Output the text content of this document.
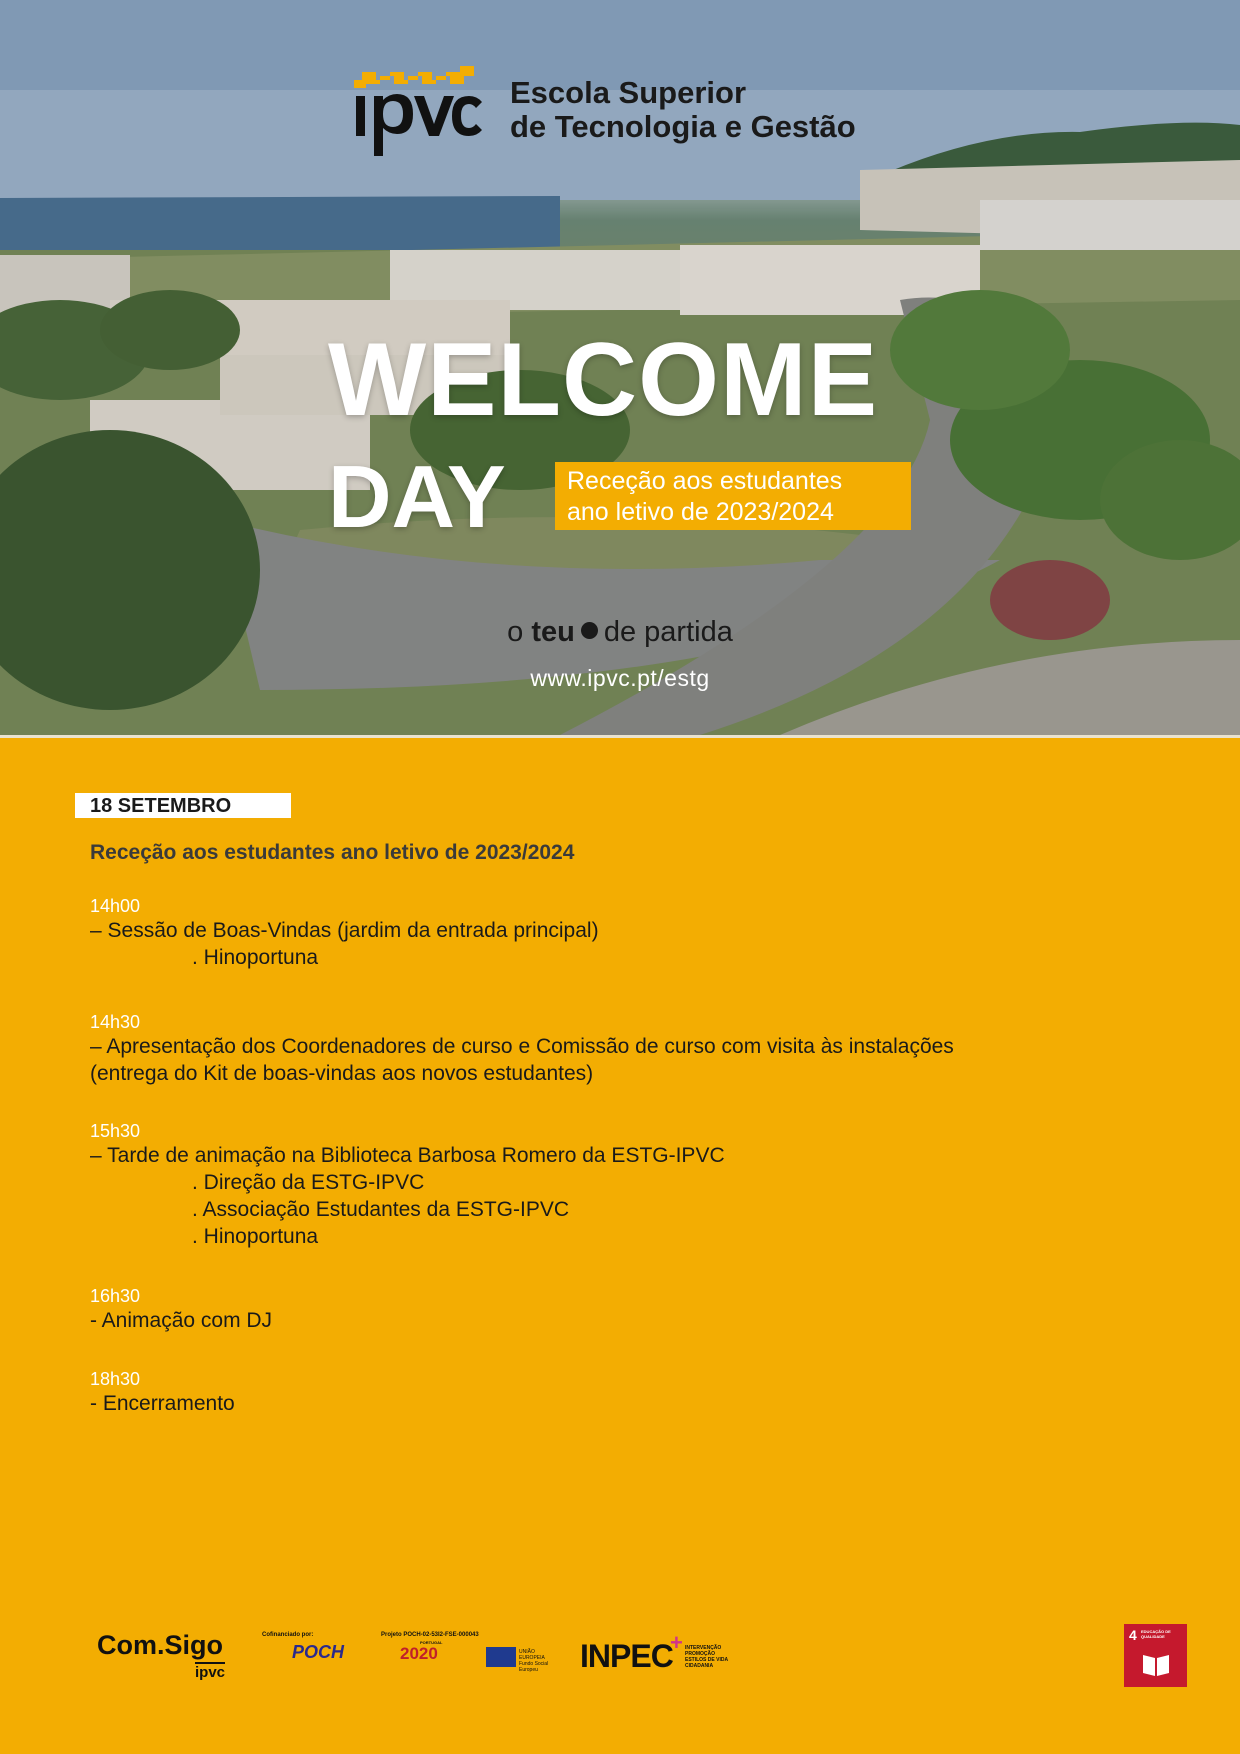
Escola Superior
de Tecnologia e Gestão
WELCOME
DAY Receção aos estudantes
ano letivo de 2023/2024
o teu de partida
www.ipvc.pt/estg
18 SETEMBRO
Receção aos estudantes ano letivo de 2023/2024
14h00
– Sessão de Boas-Vindas (jardim da entrada principal)
. Hinoportuna
14h30
– Apresentação dos Coordenadores de curso e Comissão de curso com visita às instalações
(entrega do Kit de boas-vindas aos novos estudantes)
15h30
– Tarde de animação na Biblioteca Barbosa Romero da ESTG-IPVC
. Direção da ESTG-IPVC
. Associação Estudantes da ESTG-IPVC
. Hinoportuna
16h30
- Animação com DJ
18h30
- Encerramento
Com.Sigo
ipvc
Cofinanciado por:
POCH
Projeto POCH-02-53I2-FSE-000043
PORTUGAL
2020	UNIÃO EUROPEIA Fundo Social Europeu	INPEC
+ INTERVENÇÃO PROMOÇÃO ESTILOS DE VIDA CIDADANIA
4 EDUCAÇÃO DE QUALIDADE
